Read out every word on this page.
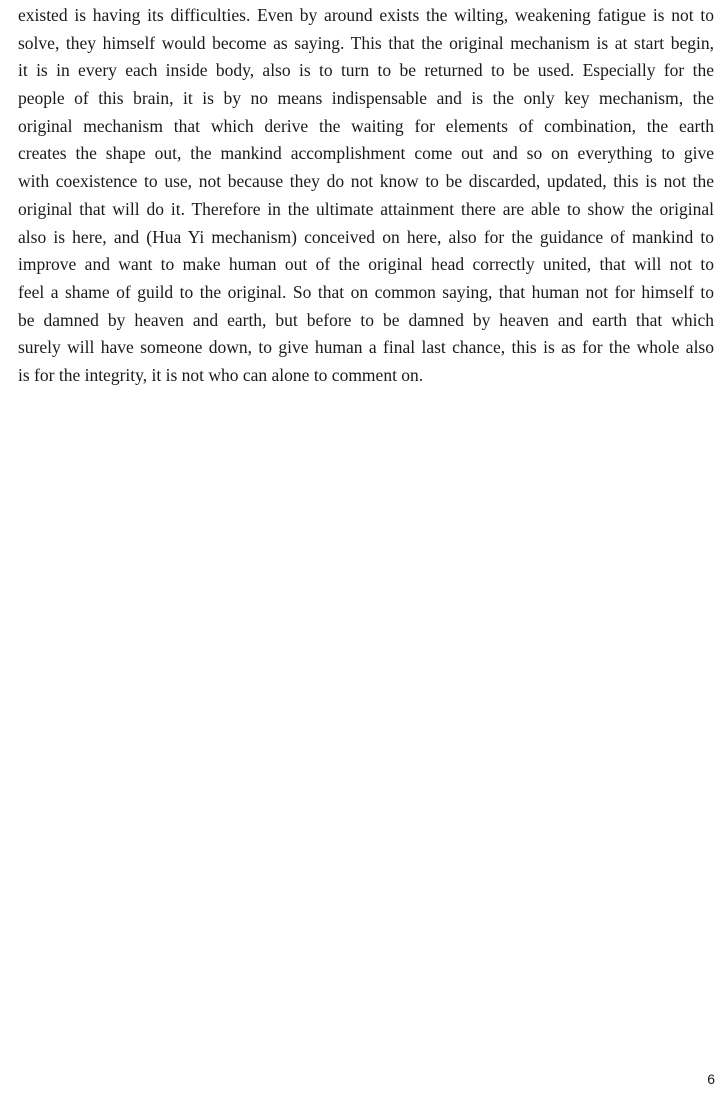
existed is having its difficulties. Even by around exists the wilting, weakening fatigue is not to
solve, they himself would become as saying. This that the original mechanism is at start begin,
it is in every each inside body, also is to turn to be returned to be used. Especially for the
people of this brain, it is by no means indispensable and is the only key mechanism, the
original mechanism that which derive the waiting for elements of combination, the earth
creates the shape out, the mankind accomplishment come out and so on everything to give
with coexistence to use, not because they do not know to be discarded, updated, this is not the
original that will do it. Therefore in the ultimate attainment there are able to show the original
also is here, and (Hua Yi mechanism) conceived on here, also for the guidance of mankind to
improve and want to make human out of the original head correctly united, that will not to
feel a shame of guild to the original. So that on common saying, that human not for himself to
be damned by heaven and earth, but before to be damned by heaven and earth that which
surely will have someone down, to give human a final last chance, this is as for the whole also
is for the integrity, it is not who can alone to comment on.
6
